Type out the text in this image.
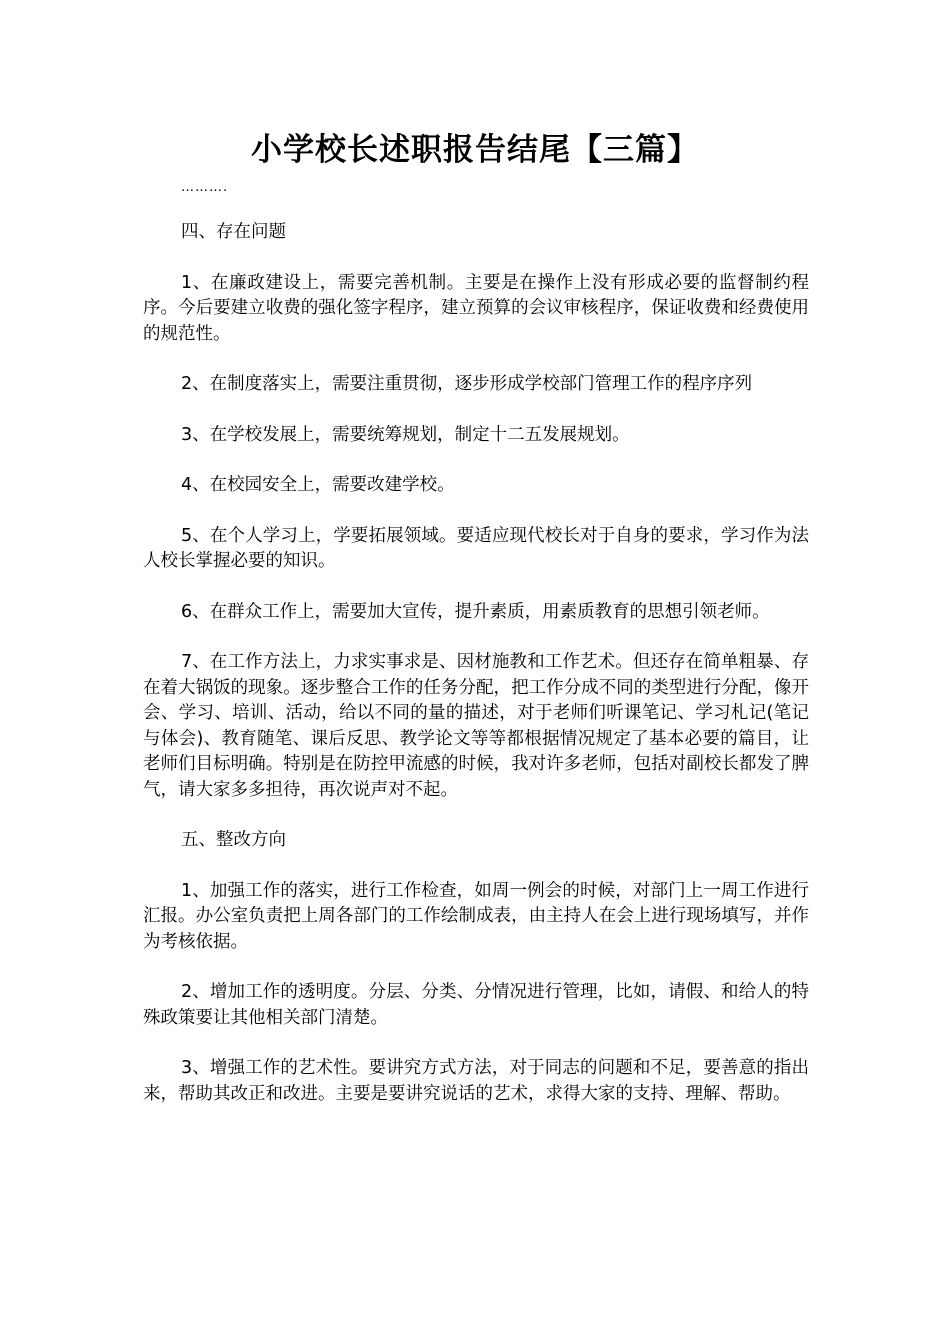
小学校长述职报告结尾【三篇】
……….

四、存在问题

1、在廉政建设上，需要完善机制。主要是在操作上没有形成必要的监督制约程序。今后要建立收费的强化签字程序，建立预算的会议审核程序，保证收费和经费使用的规范性。

2、在制度落实上，需要注重贯彻，逐步形成学校部门管理工作的程序序列

3、在学校发展上，需要统筹规划，制定十二五发展规划。

4、在校园安全上，需要改建学校。

5、在个人学习上，学要拓展领域。要适应现代校长对于自身的要求，学习作为法人校长掌握必要的知识。

6、在群众工作上，需要加大宣传，提升素质，用素质教育的思想引领老师。

7、在工作方法上，力求实事求是、因材施教和工作艺术。但还存在简单粗暴、存在着大锅饭的现象。逐步整合工作的任务分配，把工作分成不同的类型进行分配，像开会、学习、培训、活动，给以不同的量的描述，对于老师们听课笔记、学习札记(笔记与体会)、教育随笔、课后反思、教学论文等等都根据情况规定了基本必要的篇目，让老师们目标明确。特别是在防控甲流感的时候，我对许多老师，包括对副校长都发了脾气，请大家多多担待，再次说声对不起。

五、整改方向

1、加强工作的落实，进行工作检查，如周一例会的时候，对部门上一周工作进行汇报。办公室负责把上周各部门的工作绘制成表，由主持人在会上进行现场填写，并作为考核依据。

2、增加工作的透明度。分层、分类、分情况进行管理，比如，请假、和给人的特殊政策要让其他相关部门清楚。

3、增强工作的艺术性。要讲究方式方法，对于同志的问题和不足，要善意的指出来，帮助其改正和改进。主要是要讲究说话的艺术，求得大家的支持、理解、帮助。
